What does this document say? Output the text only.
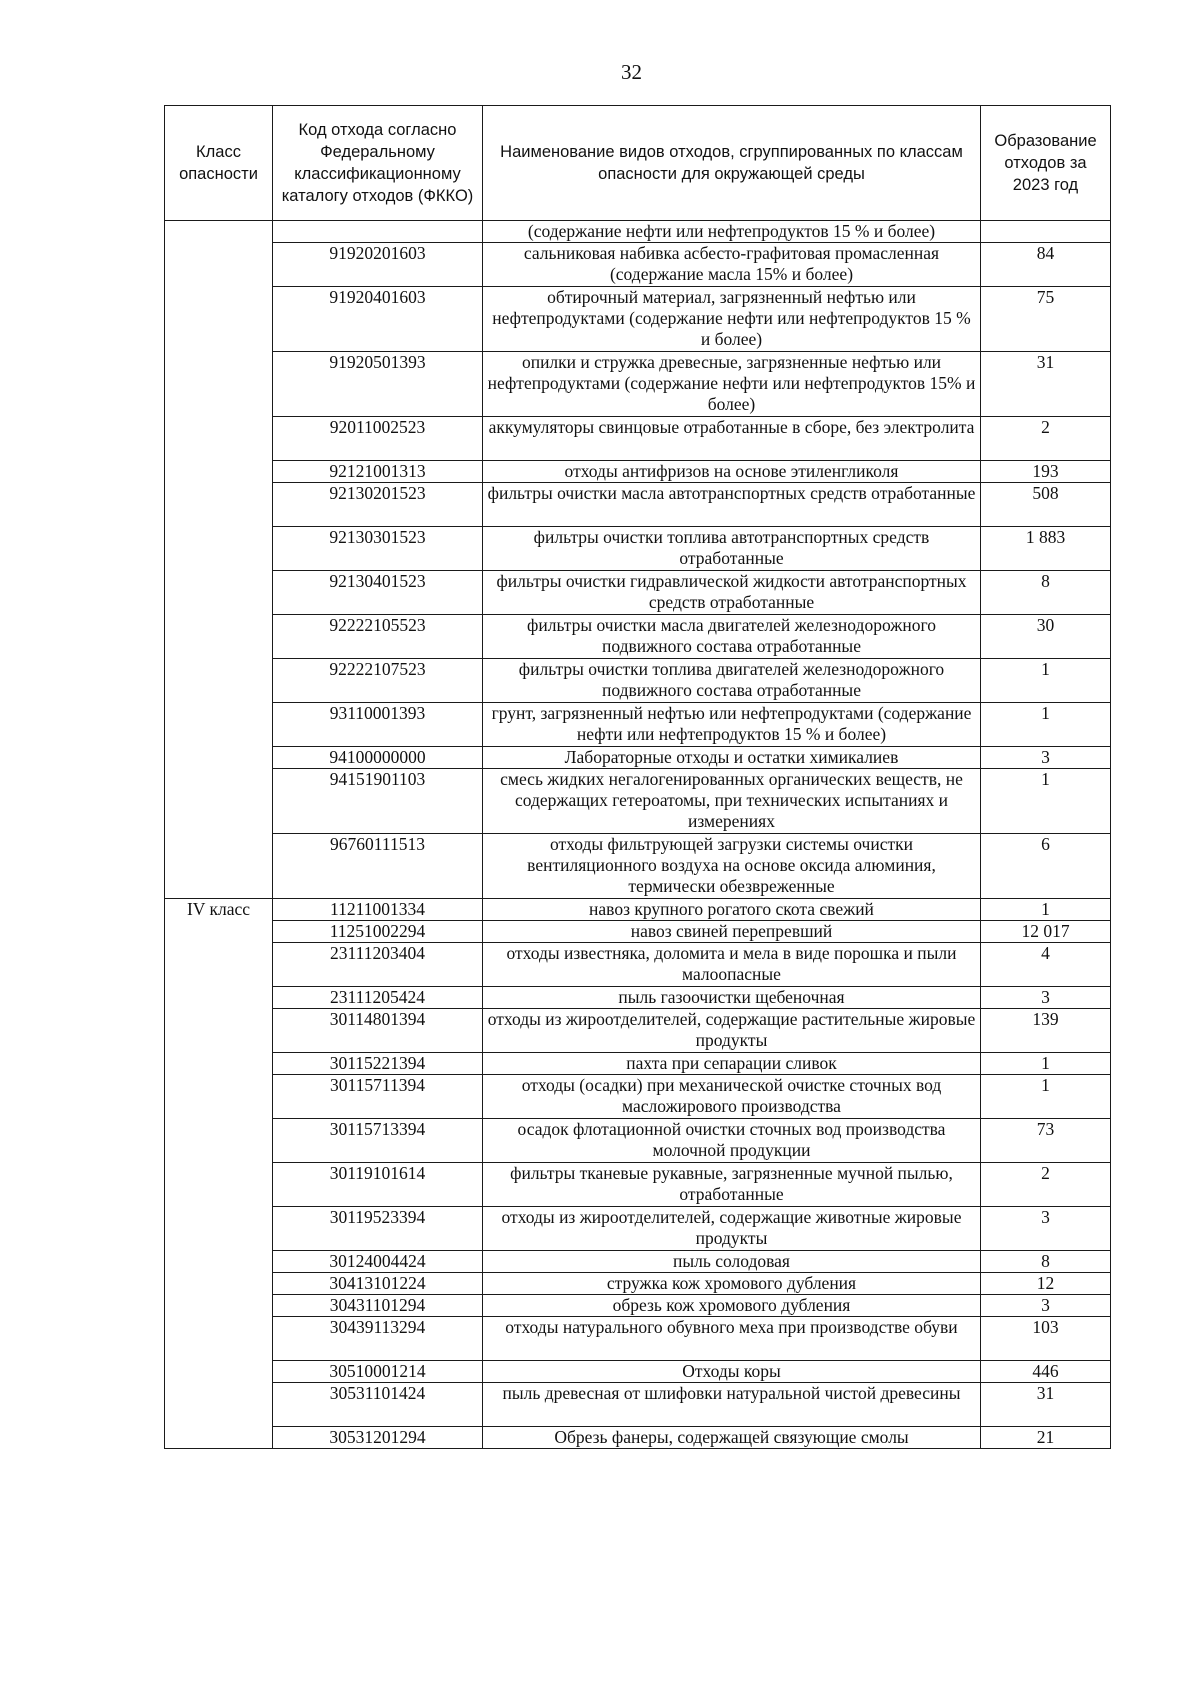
32
Класс опасности	Код отхода согласно Федеральному классификационному каталогу отходов (ФККО)	Наименование видов отходов, сгруппированных по классам опасности для окружающей среды	Образование отходов за 2023 год
		(содержание нефти или нефтепродуктов 15 % и более)	
	91920201603	сальниковая набивка асбесто-графитовая промасленная (содержание масла 15% и более)	84
	91920401603	обтирочный материал, загрязненный нефтью или нефтепродуктами (содержание нефти или нефтепродуктов 15 % и более)	75
	91920501393	опилки и стружка древесные, загрязненные нефтью или нефтепродуктами (содержание нефти или нефтепродуктов 15% и более)	31
	92011002523	аккумуляторы свинцовые отработанные в сборе, без электролита	2
	92121001313	отходы антифризов на основе этиленгликоля	193
	92130201523	фильтры очистки масла автотранспортных средств отработанные	508
	92130301523	фильтры очистки топлива автотранспортных средств отработанные	1 883
	92130401523	фильтры очистки гидравлической жидкости автотранспортных средств отработанные	8
	92222105523	фильтры очистки масла двигателей железнодорожного подвижного состава отработанные	30
	92222107523	фильтры очистки топлива двигателей железнодорожного подвижного состава отработанные	1
	93110001393	грунт, загрязненный нефтью или нефтепродуктами (содержание нефти или нефтепродуктов 15 % и более)	1
	94100000000	Лабораторные отходы и остатки химикалиев	3
	94151901103	смесь жидких негалогенированных органических веществ, не содержащих гетероатомы, при технических испытаниях и измерениях	1
	96760111513	отходы фильтрующей загрузки системы очистки вентиляционного воздуха на основе оксида алюминия, термически обезвреженные	6
IV класс	11211001334	навоз крупного рогатого скота свежий	1
	11251002294	навоз свиней перепревший	12 017
	23111203404	отходы известняка, доломита и мела в виде порошка и пыли малоопасные	4
	23111205424	пыль газоочистки щебеночная	3
	30114801394	отходы из жироотделителей, содержащие растительные жировые продукты	139
	30115221394	пахта при сепарации сливок	1
	30115711394	отходы (осадки) при механической очистке сточных вод масложирового производства	1
	30115713394	осадок флотационной очистки сточных вод производства молочной продукции	73
	30119101614	фильтры тканевые рукавные, загрязненные мучной пылью, отработанные	2
	30119523394	отходы из жироотделителей, содержащие животные жировые продукты	3
	30124004424	пыль солодовая	8
	30413101224	стружка кож хромового дубления	12
	30431101294	обрезь кож хромового дубления	3
	30439113294	отходы натурального обувного меха при производстве обуви	103
	30510001214	Отходы коры	446
	30531101424	пыль древесная от шлифовки натуральной чистой древесины	31
	30531201294	Обрезь фанеры, содержащей связующие смолы	21
